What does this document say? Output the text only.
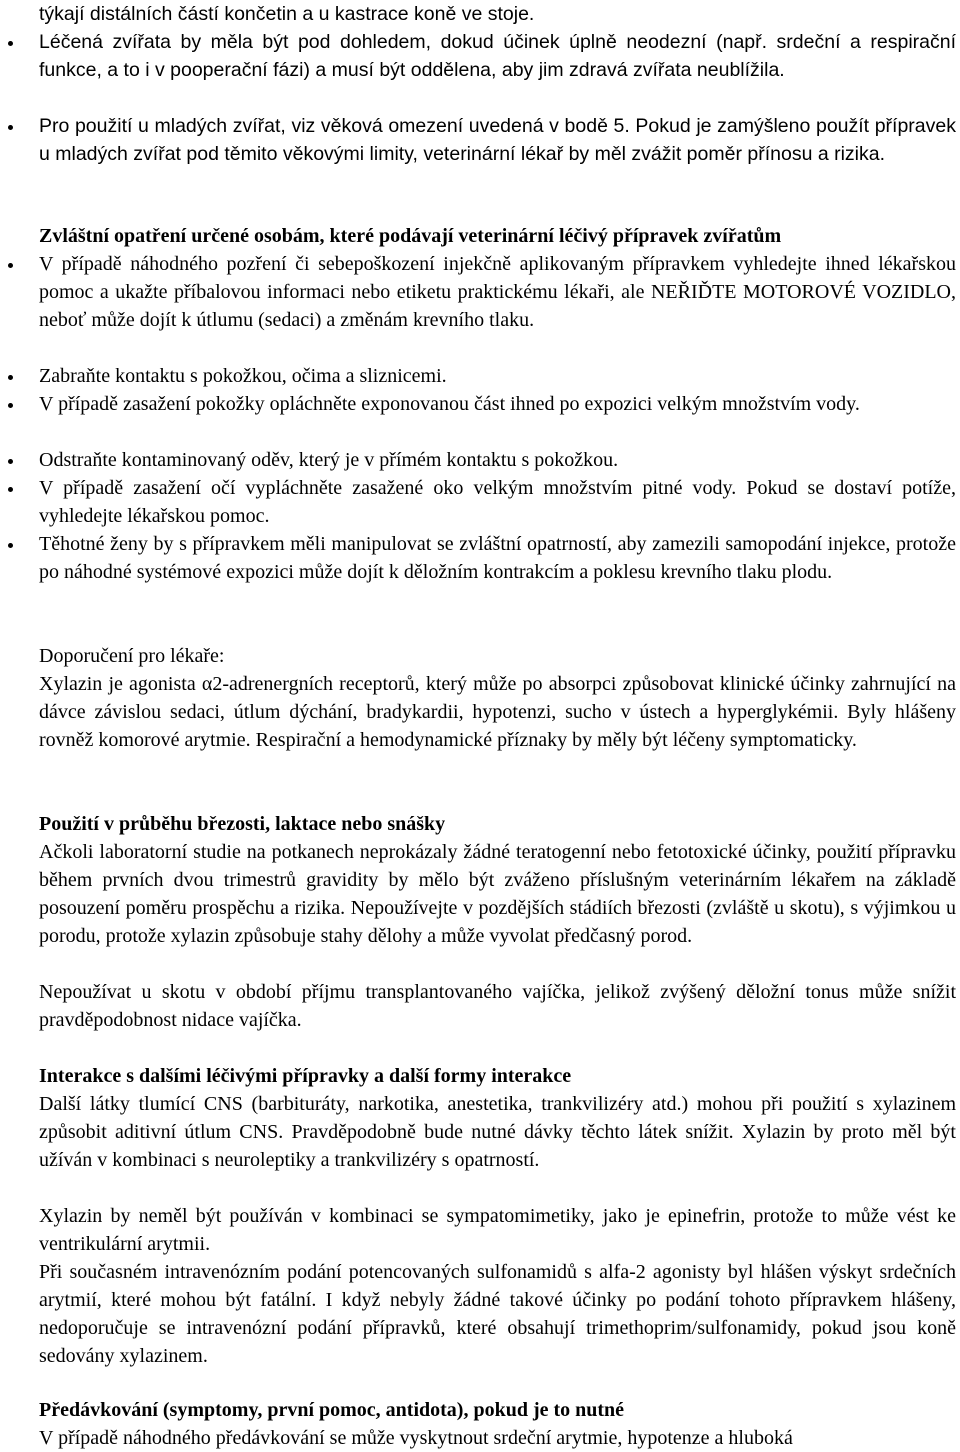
týkají distálních částí končetin a u kastrace koně ve stoje.
Léčená zvířata by měla být pod dohledem, dokud účinek úplně neodezní (např. srdeční a respirační funkce, a to i v pooperační fázi) a musí být oddělena, aby jim zdravá zvířata neublížila.
Pro použití u mladých zvířat, viz věková omezení uvedená v bodě 5. Pokud je zamýšleno použít přípravek u mladých zvířat pod těmito věkovými limity, veterinární lékař by měl zvážit poměr přínosu a rizika.
Zvláštní opatření určené osobám, které podávají veterinární léčivý přípravek zvířatům
V případě náhodného pozření či sebepoškození injekčně aplikovaným přípravkem vyhledejte ihned lékařskou pomoc a ukažte příbalovou informaci nebo etiketu praktickému lékaři, ale NEŘIĎTE MOTOROVÉ VOZIDLO, neboť může dojít k útlumu (sedaci) a změnám krevního tlaku.
Zabraňte kontaktu s pokožkou, očima a sliznicemi.
V případě zasažení pokožky opláchněte exponovanou část ihned po expozici velkým množstvím vody.
Odstraňte kontaminovaný oděv, který je v přímém kontaktu s pokožkou.
V případě zasažení očí vypláchněte zasažené oko velkým množstvím pitné vody. Pokud se dostaví potíže, vyhledejte lékařskou pomoc.
Těhotné ženy by s přípravkem měli manipulovat se zvláštní opatrností, aby zamezili samopodání injekce, protože po náhodné systémové expozici může dojít k děložním kontrakcím a poklesu krevního tlaku plodu.
Doporučení pro lékaře:
Xylazin je agonista α2-adrenergních receptorů, který může po absorpci způsobovat klinické účinky zahrnující na dávce závislou sedaci, útlum dýchání, bradykardii, hypotenzi, sucho v ústech a hyperglykémii. Byly hlášeny rovněž komorové arytmie. Respirační a hemodynamické příznaky by měly být léčeny symptomaticky.
Použití v průběhu březosti, laktace nebo snášky
Ačkoli laboratorní studie na potkanech neprokázaly žádné teratogenní nebo fetotoxické účinky, použití přípravku během prvních dvou trimestrů gravidity by mělo být zváženo příslušným veterinárním lékařem na základě posouzení poměru prospěchu a rizika. Nepoužívejte v pozdějších stádiích březosti (zvláště u skotu), s výjimkou u porodu, protože xylazin způsobuje stahy dělohy a může vyvolat předčasný porod.
Nepoužívat u skotu v období příjmu transplantovaného vajíčka, jelikož zvýšený děložní tonus může snížit pravděpodobnost nidace vajíčka.
Interakce s dalšími léčivými přípravky a další formy interakce
Další látky tlumící CNS (barbituráty, narkotika, anestetika, trankvilizéry atd.) mohou při použití s xylazinem způsobit aditivní útlum CNS. Pravděpodobně bude nutné dávky těchto látek snížit. Xylazin by proto měl být užíván v kombinaci s neuroleptiky a trankvilizéry s opatrností.
Xylazin by neměl být používán v kombinaci se sympatomimetiky, jako je epinefrin, protože to může vést ke ventrikulární arytmii.
Při současném intravenózním podání potencovaných sulfonamidů s alfa-2 agonisty byl hlášen výskyt srdečních arytmií, které mohou být fatální. I když nebyly žádné takové účinky po podání tohoto přípravkem hlášeny, nedoporučuje se intravenózní podání přípravků, které obsahují trimethoprim/sulfonamidy, pokud jsou koně sedovány xylazinem.
Předávkování (symptomy, první pomoc, antidota), pokud je to nutné
V případě náhodného předávkování se může vyskytnout srdeční arytmie, hypotenze a hluboká
